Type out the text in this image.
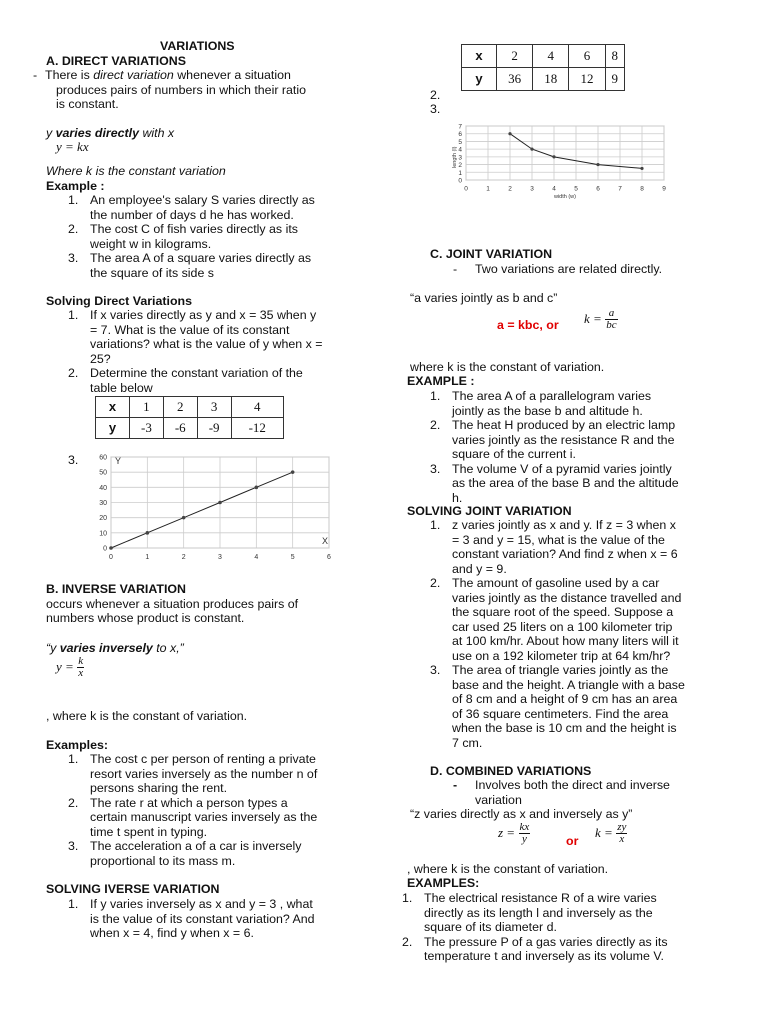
VARIATIONS
A. DIRECT VARIATIONS
- There is direct variation whenever a situation
produces pairs of numbers in which their ratio
is constant.
y varies directly with x
y = kx
Where k is the constant variation
Example :
1. An employee's salary S varies directly as
the number of days d he has worked.
2. The cost C of fish varies directly as its
weight w in kilograms.
3. The area A of a square varies directly as
the square of its side s
Solving Direct Variations
1. If x varies directly as y and x = 35 when y
= 7. What is the value of its constant
variations? what is the value of y when x =
25?
2. Determine the constant variation of the
table below
x	1	2	3	4
y	-3	-6	-9	-12
3.
0
10
20
30
40
50
60
0	1	2	3	4	5	6
X
Y
B. INVERSE VARIATION
occurs whenever a situation produces pairs of
numbers whose product is constant.
“y varies inversely to x,”
$y = \frac{k}{x}$
, where k is the constant of variation.
Examples:
1. The cost c per person of renting a private
resort varies inversely as the number n of
persons sharing the rent.
2. The rate r at which a person types a
certain manuscript varies inversely as the
time t spent in typing.
3. The acceleration a of a car is inversely
proportional to its mass m.
SOLVING IVERSE VARIATION
1. If y varies inversely as x and y = 3 , what
is the value of its constant variation? And
when x = 4, find y when x = 6.
x	2	4	6	8
y	36	18	12	9
2.
3.
0
1
2
3
4
5
6
7
0	1	2	3	4	5	6	7	8	9
width (w)
length (l)
C. JOINT VARIATION
- Two variations are related directly.
“a varies jointly as b and c”
a = kbc, or $k = \frac{a}{bc}$
where k is the constant of variation.
EXAMPLE :
1. The area A of a parallelogram varies
jointly as the base b and altitude h.
2. The heat H produced by an electric lamp
varies jointly as the resistance R and the
square of the current i.
3. The volume V of a pyramid varies jointly
as the area of the base B and the altitude
h.
SOLVING JOINT VARIATION
1. z varies jointly as x and y. If z = 3 when x
= 3 and y = 15, what is the value of the
constant variation? And find z when x = 6
and y = 9.
2. The amount of gasoline used by a car
varies jointly as the distance travelled and
the square root of the speed. Suppose a
car used 25 liters on a 100 kilometer trip
at 100 km/hr. About how many liters will it
use on a 192 kilometer trip at 64 km/hr?
3. The area of triangle varies jointly as the
base and the height. A triangle with a base
of 8 cm and a height of 9 cm has an area
of 36 square centimeters. Find the area
when the base is 10 cm and the height is
7 cm.
D. COMBINED VARIATIONS
- Involves both the direct and inverse
variation
“z varies directly as x and inversely as y”
$z = \frac{kx}{y}$	or
$k = \frac{zy}{x}$
, where k is the constant of variation.
EXAMPLES:
1. The electrical resistance R of a wire varies
directly as its length l and inversely as the
square of its diameter d.
2. The pressure P of a gas varies directly as its
temperature t and inversely as its volume V.
